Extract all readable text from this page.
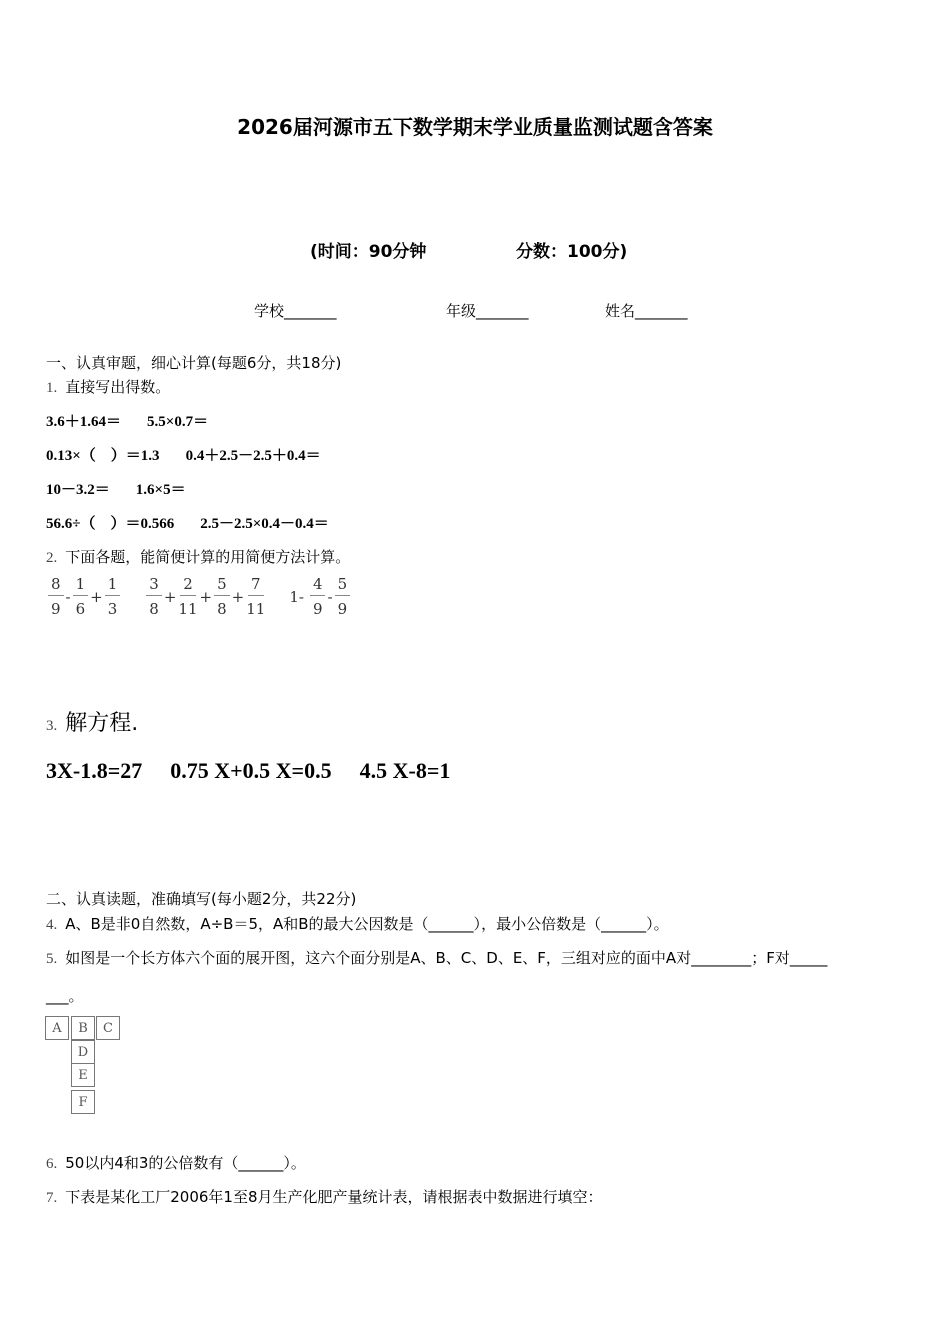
2026届河源市五下数学期末学业质量监测试题含答案
(时间：90分钟	分数：100分)
学校_______	年级_______	姓名_______
一、认真审题，细心计算(每题6分，共18分)
1. 直接写出得数。
3.6＋1.64＝ 5.5×0.7＝
0.13×（　）＝1.3 0.4＋2.5－2.5＋0.4＝
10－3.2＝ 1.6×5＝
56.6÷（　）＝0.566 2.5－2.5×0.4－0.4＝
2. 下面各题，能简便计算的用简便方法计算。
$\frac{8}{9} - \frac{1}{6} + \frac{1}{3} \frac{3}{8} + \frac{2}{11} + \frac{5}{8} + \frac{7}{11} 1- \frac{4}{9} - \frac{5}{9}$
3. 解方程.
3X-1.8=27 0.75 X+0.5 X=0.5 4.5 X-8=1
二、认真读题，准确填写(每小题2分，共22分)
4. A、B是非0自然数，A÷B＝5，A和B的最大公因数是（______），最小公倍数是（______）。
5. 如图是一个长方体六个面的展开图，这六个面分别是A、B、C、D、E、F，三组对应的面中A对________；F对_____
___。
A	B	C
D
E
F
6. 50以内4和3的公倍数有（______）。
7. 下表是某化工厂2006年1至8月生产化肥产量统计表，请根据表中数据进行填空：
